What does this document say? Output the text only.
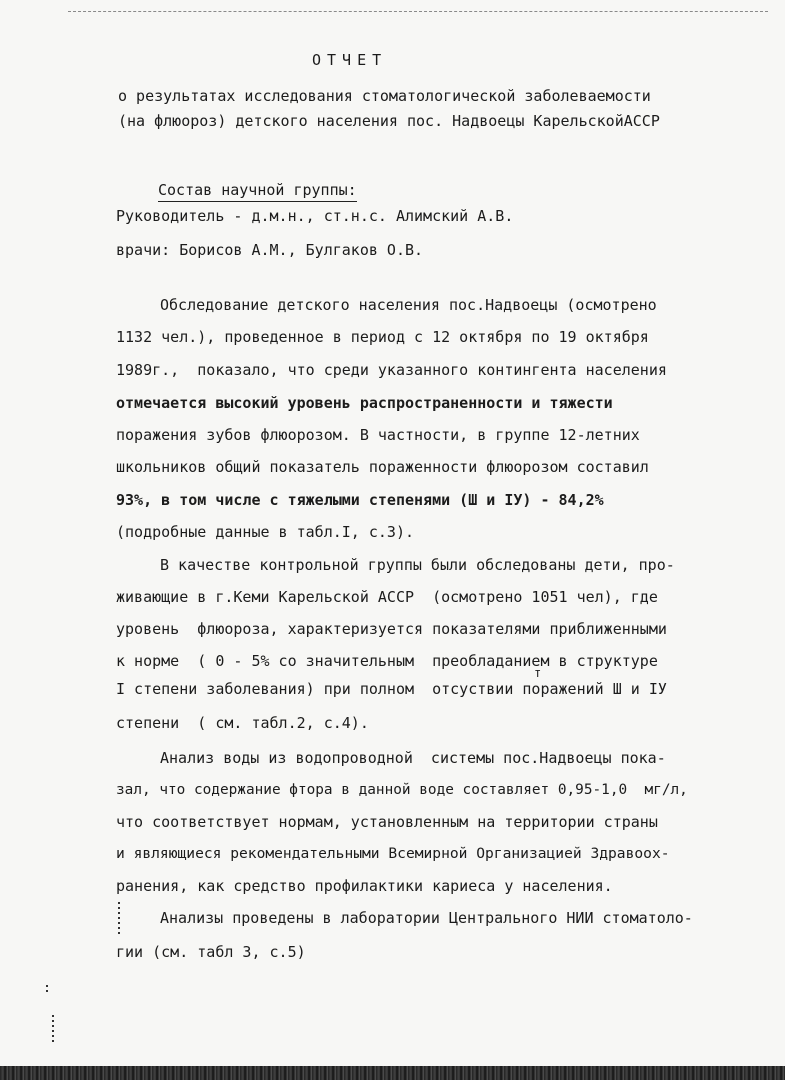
ОТЧЕТ
о результатах исследования стоматологической заболеваемости
(на флюороз) детского населения пос. Надвоецы КарельскойАССР
Состав научной группы:
Руководитель - д.м.н., ст.н.с. Алимский А.В.
врачи: Борисов А.М., Булгаков О.В.
Обследование детского населения пос.Надвоецы (осмотрено
1132 чел.), проведенное в период с 12 октября по 19 октября
1989г.,  показало, что среди указанного контингента населения
отмечается высокий уровень распространенности и тяжести
поражения зубов флюорозом. В частности, в группе 12-летних
школьников общий показатель пораженности флюорозом составил
93%, в том числе с тяжелыми степенями (Ш и IУ) - 84,2%
(подробные данные в табл.I, с.3).
В качестве контрольной группы были обследованы дети, про-
живающие в г.Кеми Карельской АССР  (осмотрено 1051 чел), где
уровень  флюороза, характеризуется показателями приближенными
к норме  ( 0 - 5% со значительным  преобладанием в структуре
т
I степени заболевания) при полном  отсуствии поражений Ш и IУ
степени  ( см. табл.2, с.4).
Анализ воды из водопроводной  системы пос.Надвоецы пока-
зал, что содержание фтора в данной воде составляет 0,95-1,0  мг/л,
что соответствует нормам, установленным на территории страны
и являющиеся рекомендательными Всемирной Организацией Здравоох-
ранения, как средство профилактики кариеса у населения.
Анализы проведены в лаборатории Центрального НИИ стоматоло-
гии (см. табл 3, с.5)
